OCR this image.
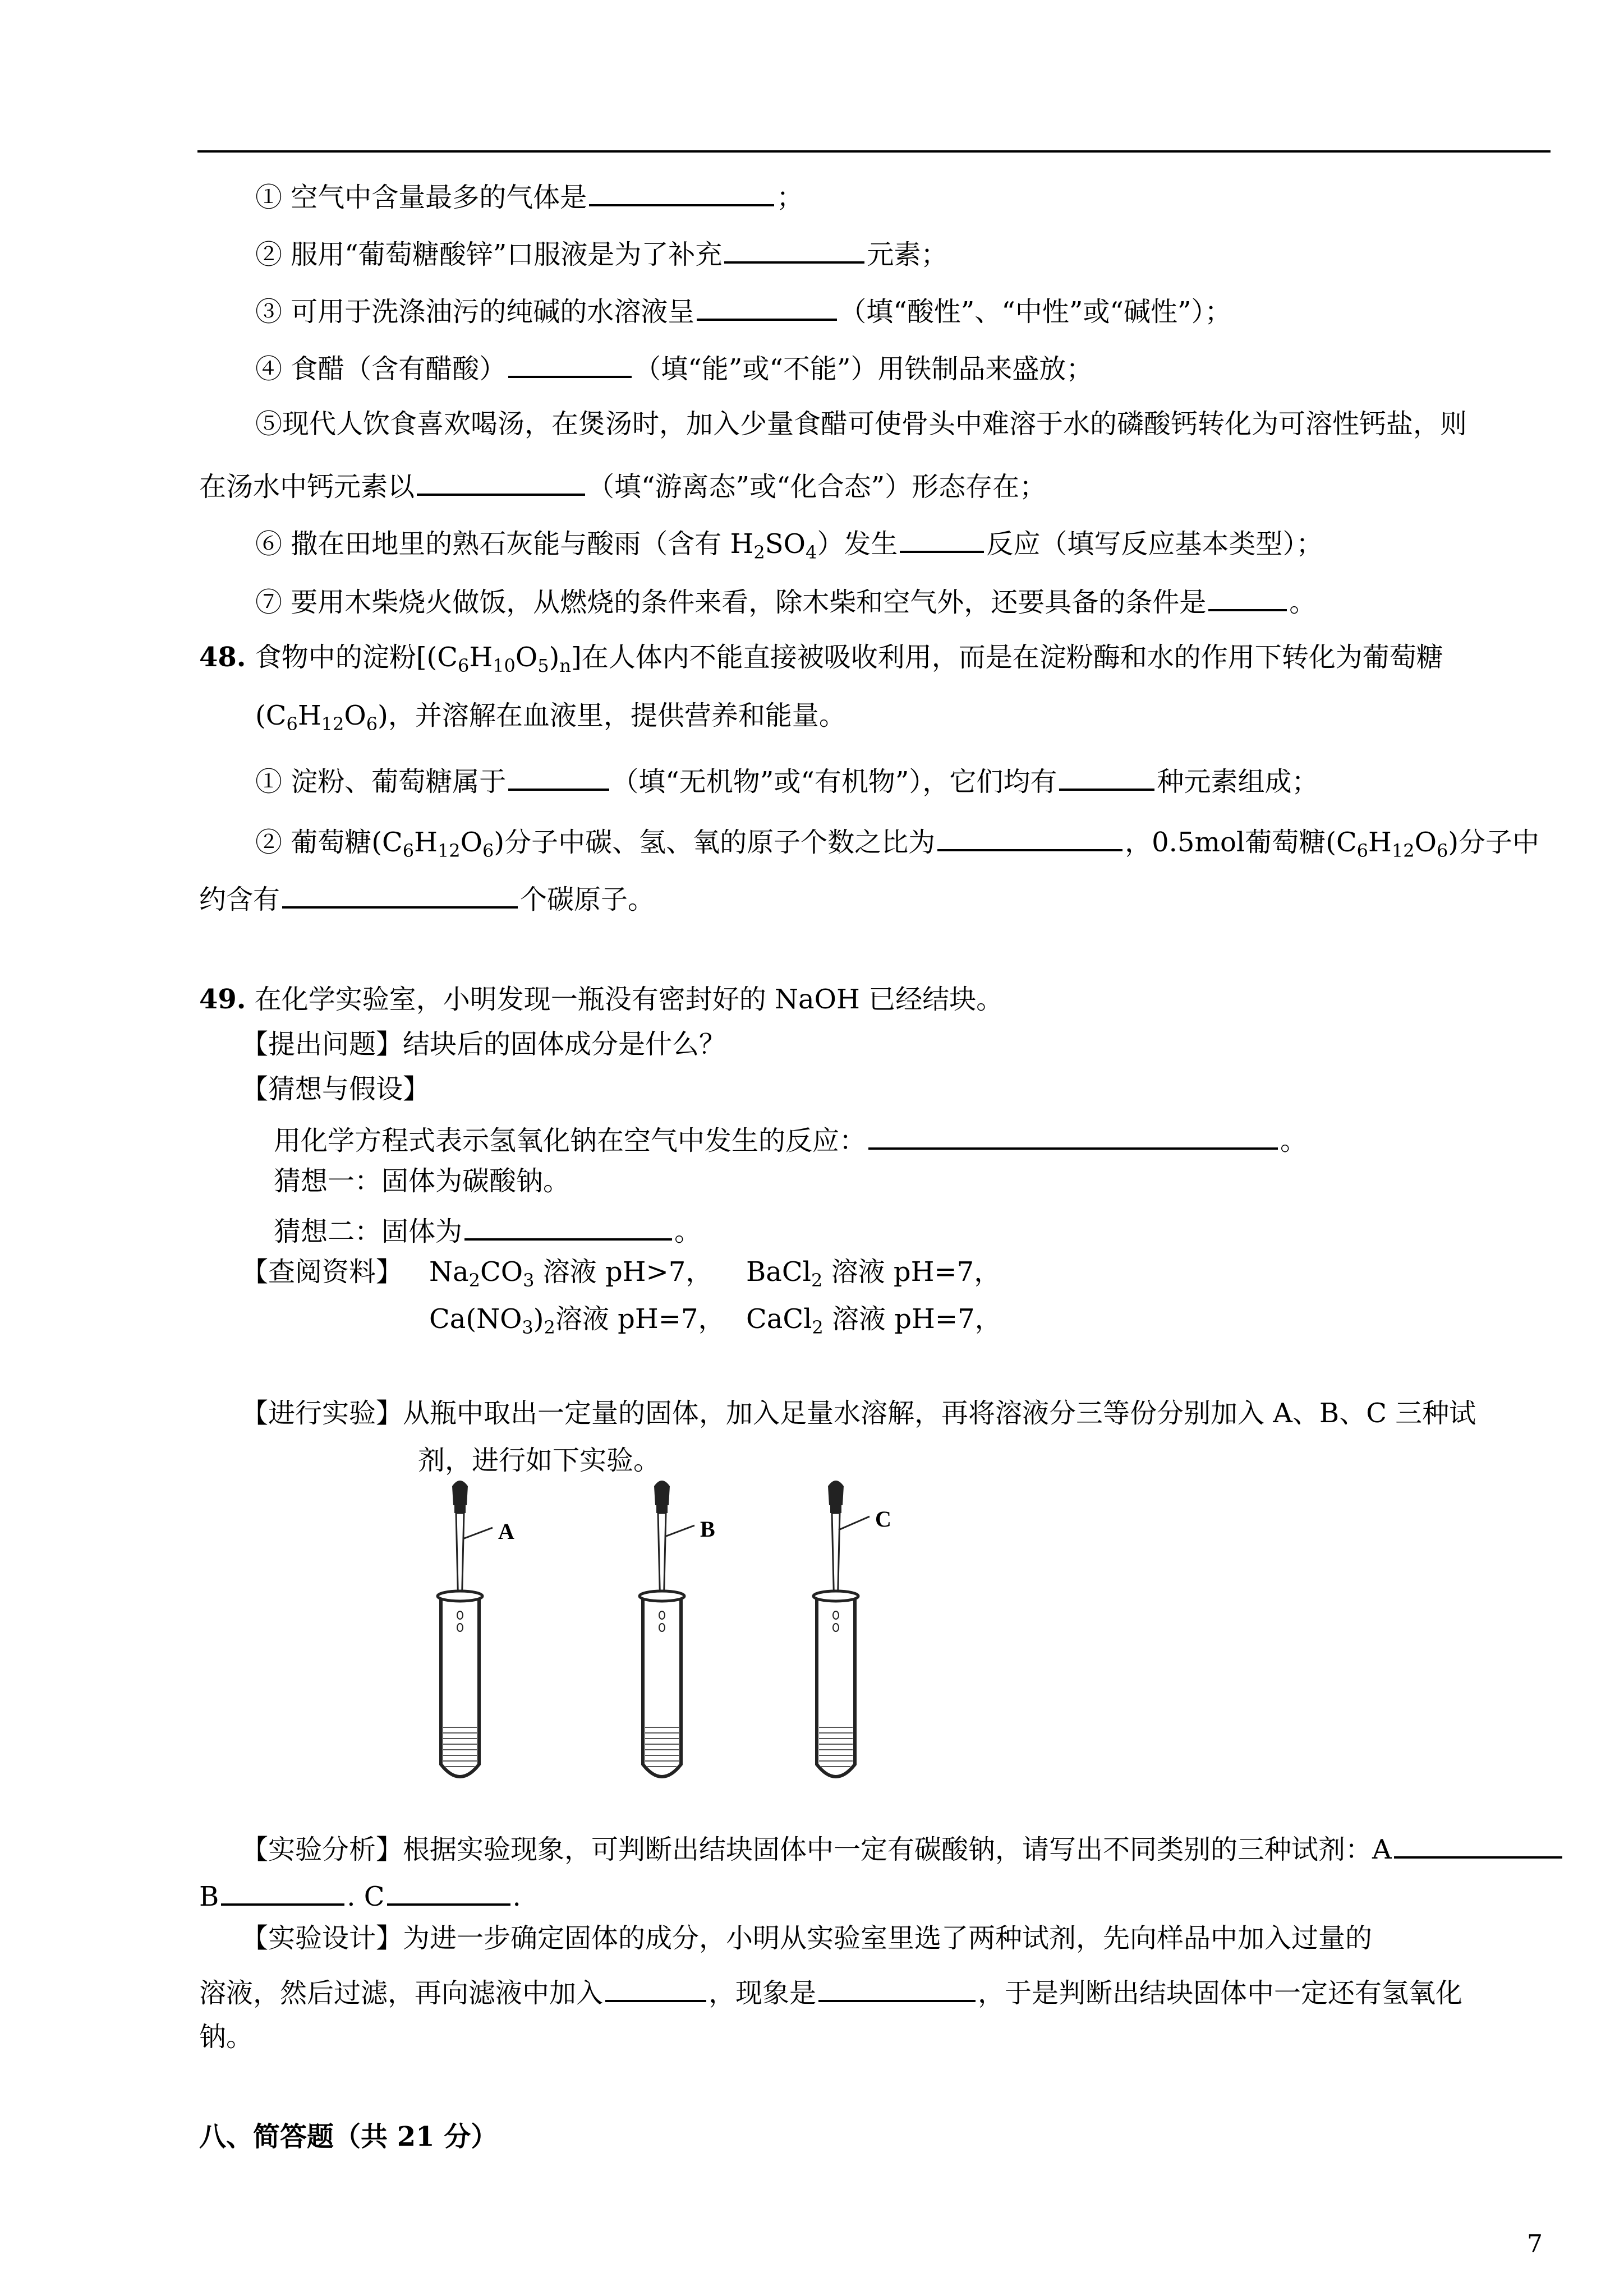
① 空气中含量最多的气体是	；
② 服用“葡萄糖酸锌”口服液是为了补充	元素；
③ 可用于洗涤油污的纯碱的水溶液呈	（填“酸性”、“中性”或“碱性”）；
④ 食醋（含有醋酸）	（填“能”或“不能”）用铁制品来盛放；
⑤现代人饮食喜欢喝汤，在煲汤时，加入少量食醋可使骨头中难溶于水的磷酸钙转化为可溶性钙盐，则
在汤水中钙元素以	（填“游离态”或“化合态”）形态存在；
⑥ 撒在田地里的熟石灰能与酸雨（含有 $H_2SO_4$）发生	反应（填写反应基本类型）；
⑦ 要用木柴烧火做饭，从燃烧的条件来看，除木柴和空气外，还要具备的条件是	。
48. 食物中的淀粉$[(C_6H_{10}O_5)_n]$在人体内不能直接被吸收利用，而是在淀粉酶和水的作用下转化为葡萄糖
$(C_6H_{12}O_6)$，并溶解在血液里，提供营养和能量。
① 淀粉、葡萄糖属于	（填“无机物”或“有机物”），它们均有	种元素组成；
② 葡萄糖$(C_6H_{12}O_6)$分子中碳、氢、氧的原子个数之比为	，0.5mol葡萄糖$(C_6H_{12}O_6)$分子中
约含有	个碳原子。
49. 在化学实验室，小明发现一瓶没有密封好的 NaOH 已经结块。
【提出问题】结块后的固体成分是什么？
【猜想与假设】
用化学方程式表示氢氧化钠在空气中发生的反应：	。
猜想一：固体为碳酸钠。
猜想二：固体为	。
【查阅资料】 $Na_2CO_3$ 溶液 pH>7， BaCl$_2$ 溶液 pH=7，
$Ca(NO_3)_2$溶液 pH=7， CaCl$_2$ 溶液 pH=7，
【进行实验】从瓶中取出一定量的固体，加入足量水溶解，再将溶液分三等份分别加入 A、B、C 三种试
剂，进行如下实验。
A	B	C
【实验分析】根据实验现象，可判断出结块固体中一定有碳酸钠，请写出不同类别的三种试剂：A
B	. C	.
【实验设计】为进一步确定固体的成分，小明从实验室里选了两种试剂，先向样品中加入过量的
溶液，然后过滤，再向滤液中加入	，现象是	，于是判断出结块固体中一定还有氢氧化
钠。
八、简答题（共 21 分）
7
